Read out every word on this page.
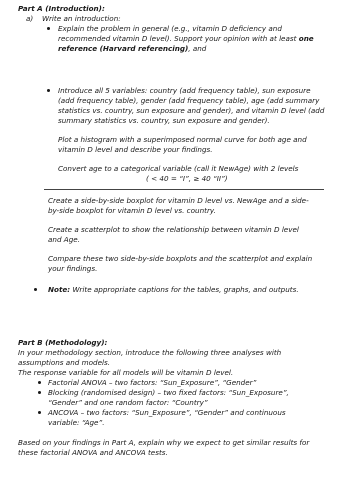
Part A (Introduction):
a) Write an introduction:
Explain the problem in general (e.g., vitamin D deficiency and
recommended vitamin D level). Support your opinion with at least one
reference (Harvard referencing), and
Introduce all 5 variables: country (add frequency table), sun exposure
(add frequency table), gender (add frequency table), age (add summary
statistics vs. country, sun exposure and gender), and vitamin D level (add
summary statistics vs. country, sun exposure and gender).
Plot a histogram with a superimposed normal curve for both age and
vitamin D level and describe your findings.
Convert age to a categorical variable (call it NewAge) with 2 levels
( < 40 = “I”, ≥ 40 “II”)
Create a side-by-side boxplot for vitamin D level vs. NewAge and a side-
by-side boxplot for vitamin D level vs. country.
Create a scatterplot to show the relationship between vitamin D level
and Age.
Compare these two side-by-side boxplots and the scatterplot and explain
your findings.
Note: Write appropriate captions for the tables, graphs, and outputs.
Part B (Methodology):
In your methodology section, introduce the following three analyses with
assumptions and models.
The response variable for all models will be vitamin D level.
Factorial ANOVA – two factors: “Sun_Exposure”, “Gender”
Blocking (randomised design) – two fixed factors: “Sun_Exposure”,
“Gender” and one random factor: “Country”
ANCOVA – two factors: “Sun_Exposure”, “Gender” and continuous
variable: “Age”.
Based on your findings in Part A, explain why we expect to get similar results for
these factorial ANOVA and ANCOVA tests.
